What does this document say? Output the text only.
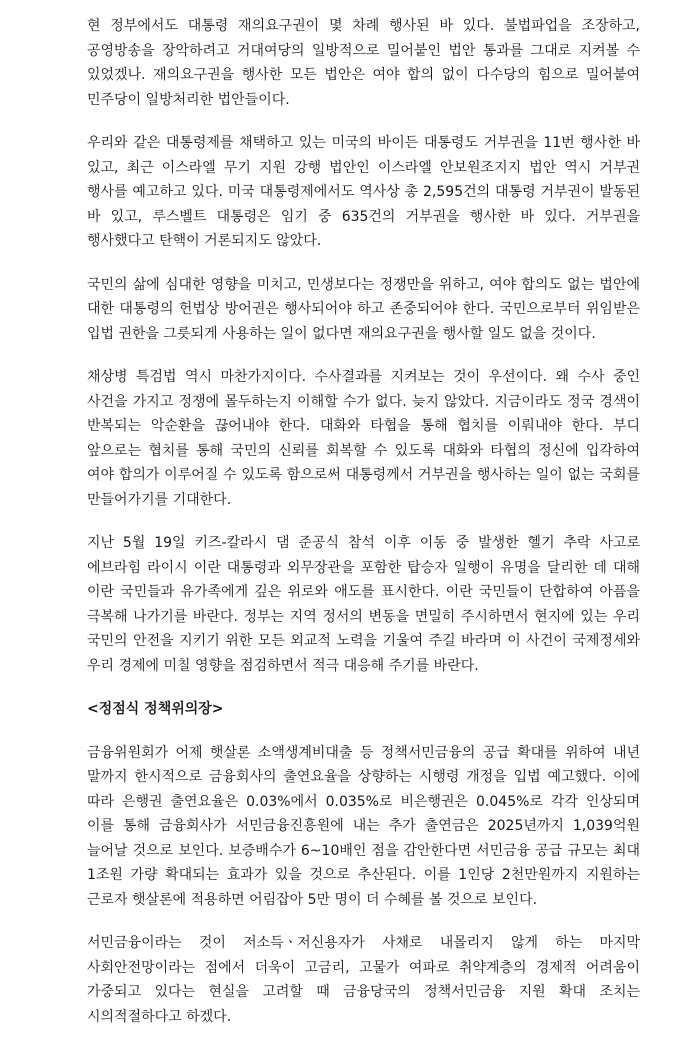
현 정부에서도 대통령 재의요구권이 몇 차례 행사된 바 있다. 불법파업을 조장하고, 공영방송을 장악하려고 거대여당의 일방적으로 밀어붙인 법안 통과를 그대로 지켜볼 수 있었겠나. 재의요구권을 행사한 모든 법안은 여야 합의 없이 다수당의 힘으로 밀어붙여 민주당이 일방처리한 법안들이다.

우리와 같은 대통령제를 채택하고 있는 미국의 바이든 대통령도 거부권을 11번 행사한 바 있고, 최근 이스라엘 무기 지원 강행 법안인 이스라엘 안보원조지지 법안 역시 거부권 행사를 예고하고 있다. 미국 대통령제에서도 역사상 총 2,595건의 대통령 거부권이 발동된 바 있고, 루스벨트 대통령은 임기 중 635건의 거부권을 행사한 바 있다. 거부권을 행사했다고 탄핵이 거론되지도 않았다.

국민의 삶에 심대한 영향을 미치고, 민생보다는 정쟁만을 위하고, 여야 합의도 없는 법안에 대한 대통령의 헌법상 방어권은 행사되어야 하고 존중되어야 한다. 국민으로부터 위임받은 입법 권한을 그릇되게 사용하는 일이 없다면 재의요구권을 행사할 일도 없을 것이다.

채상병 특검법 역시 마찬가지이다. 수사결과를 지켜보는 것이 우선이다. 왜 수사 중인 사건을 가지고 정쟁에 몰두하는지 이해할 수가 없다. 늦지 않았다. 지금이라도 정국 경색이 반복되는 악순환을 끊어내야 한다. 대화와 타협을 통해 협치를 이뤄내야 한다. 부디 앞으로는 협치를 통해 국민의 신뢰를 회복할 수 있도록 대화와 타협의 정신에 입각하여 여야 합의가 이루어질 수 있도록 함으로써 대통령께서 거부권을 행사하는 일이 없는 국회를 만들어가기를 기대한다.

지난 5월 19일 키즈-칼라시 댐 준공식 참석 이후 이동 중 발생한 헬기 추락 사고로 에브라힘 라이시 이란 대통령과 외무장관을 포함한 탑승자 일행이 유명을 달리한 데 대해 이란 국민들과 유가족에게 깊은 위로와 애도를 표시한다. 이란 국민들이 단합하여 아픔을 극복해 나가기를 바란다. 정부는 지역 정서의 변동을 면밀히 주시하면서 현지에 있는 우리 국민의 안전을 지키기 위한 모든 외교적 노력을 기울여 주길 바라며 이 사건이 국제정세와 우리 경제에 미칠 영향을 점검하면서 적극 대응해 주기를 바란다.

<정점식 정책위의장>

금융위원회가 어제 햇살론 소액생계비대출 등 정책서민금융의 공급 확대를 위하여 내년 말까지 한시적으로 금융회사의 출연요율을 상향하는 시행령 개정을 입법 예고했다. 이에 따라 은행권 출연요율은 0.03%에서 0.035%로 비은행권은 0.045%로 각각 인상되며 이를 통해 금융회사가 서민금융진흥원에 내는 추가 출연금은 2025년까지 1,039억원 늘어날 것으로 보인다. 보증배수가 6~10배인 점을 감안한다면 서민금융 공급 규모는 최대 1조원 가량 확대되는 효과가 있을 것으로 추산된다. 이를 1인당 2천만원까지 지원하는 근로자 햇살론에 적용하면 어림잡아 5만 명이 더 수혜를 볼 것으로 보인다.

서민금융이라는 것이 저소득ㆍ저신용자가 사채로 내몰리지 않게 하는 마지막 사회안전망이라는 점에서 더욱이 고금리, 고물가 여파로 취약계층의 경제적 어려움이 가중되고 있다는 현실을 고려할 때 금융당국의 정책서민금융 지원 확대 조치는 시의적절하다고 하겠다.
